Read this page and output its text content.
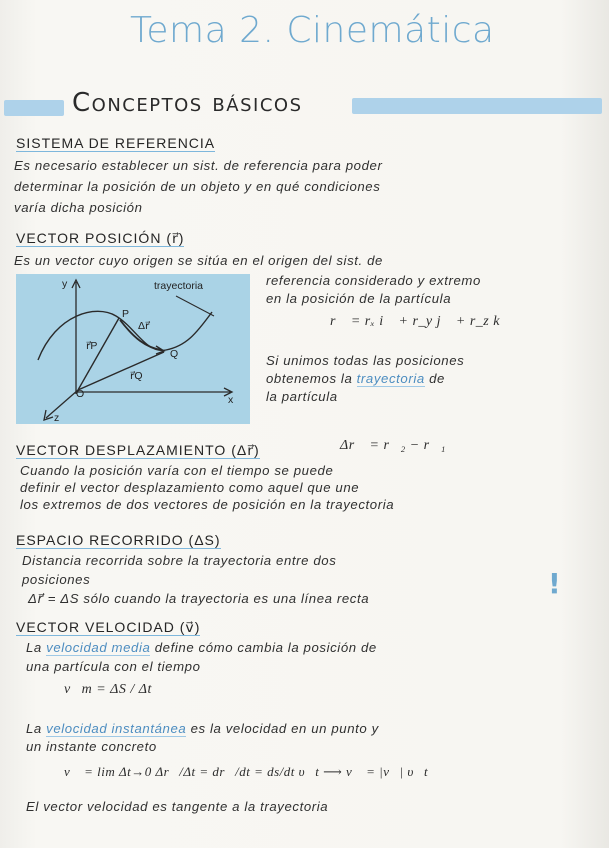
Tema 2. Cinemática
Conceptos básicos
SISTEMA DE REFERENCIA
Es necesario establecer un sist. de referencia para poder
determinar la posición de un objeto y en qué condiciones
varía dicha posición
VECTOR POSICIÓN (r⃗)
Es un vector cuyo origen se sitúa en el origen del sist. de
y
x
z
O
P
Q
r⃗P
r⃗Q
Δr⃗
trayectoria	referencia considerado y extremo
en la posición de la partícula
r⃗ = rₓ i⃗ + r_y j⃗ + r_z k⃗
Si unimos todas las posiciones
obtenemos la trayectoria de
la partícula
VECTOR DESPLAZAMIENTO (Δr⃗)	Δr⃗ = r⃗₂ − r⃗₁
Cuando la posición varía con el tiempo se puede
definir el vector desplazamiento como aquel que une
los extremos de dos vectores de posición en la trayectoria
ESPACIO RECORRIDO (ΔS)
Distancia recorrida sobre la trayectoria entre dos
posiciones
Δr⃗ = ΔS sólo cuando la trayectoria es una línea recta	!
VECTOR VELOCIDAD (v⃗)
La velocidad media define cómo cambia la posición de
una partícula con el tiempo
v⃗m = ΔS / Δt
La velocidad instantánea es la velocidad en un punto y
un instante concreto
v⃗ = lim Δt→0 Δr⃗/Δt = dr⃗/dt = ds/dt υ⃗t ⟶ v⃗ = |v⃗| υ⃗t
El vector velocidad es tangente a la trayectoria
